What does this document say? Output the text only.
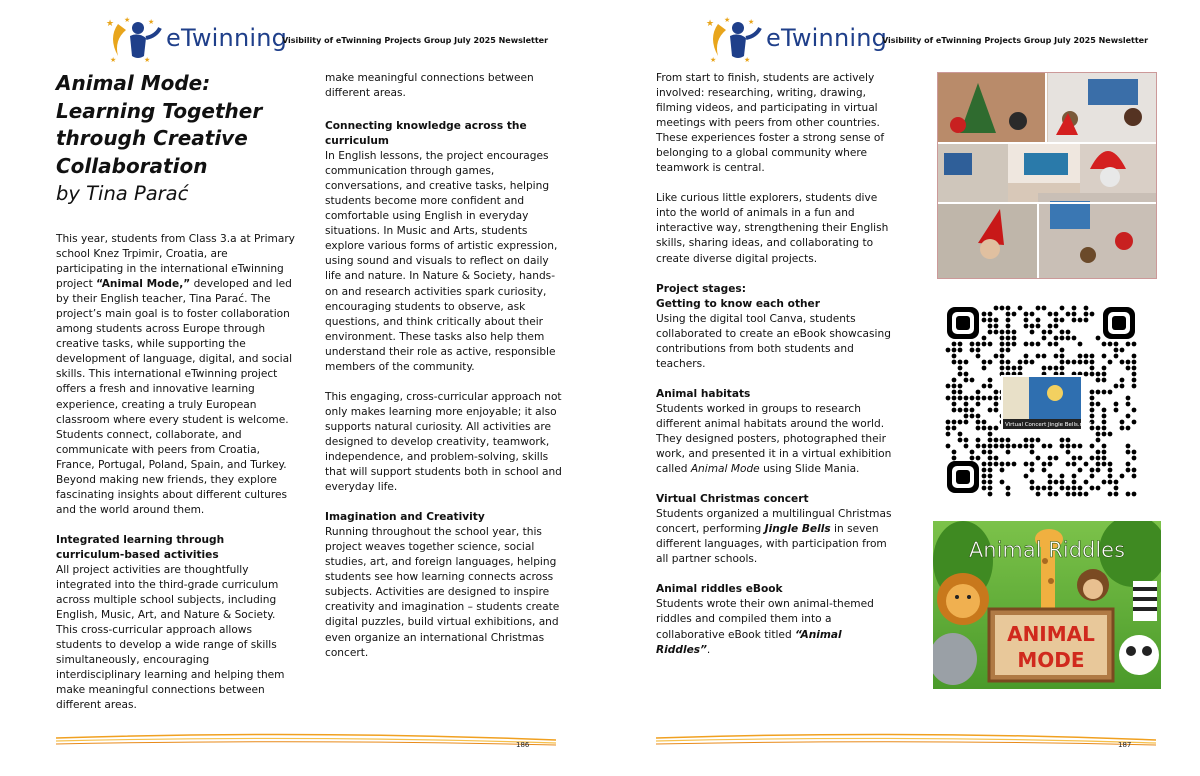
★ ★	★
★	★
eTwinning
Visibility of eTwinning Projects Group July 2025 Newsletter
Animal Mode:
Learning Together
through Creative
Collaboration
by Tina Parać

This year, students from Class 3.a at Primary school Knez Trpimir, Croatia, are participating in the international eTwinning project “Animal Mode,” developed and led by their English teacher, Tina Parać. The project’s main goal is to foster collaboration among students across Europe through creative tasks, while supporting the development of language, digital, and social skills. This international eTwinning project offers a fresh and innovative learning experience, creating a truly European classroom where every student is welcome. Students connect, collaborate, and communicate with peers from Croatia, France, Portugal, Poland, Spain, and Turkey. Beyond making new friends, they explore fascinating insights about different cultures and the world around them.

Integrated learning through curriculum-based activities
All project activities are thoughtfully integrated into the third-grade curriculum across multiple school subjects, including English, Music, Art, and Nature & Society. This cross-curricular approach allows students to develop a wide range of skills simultaneously, encouraging interdisciplinary learning and helping them make meaningful connections between different areas.

make meaningful connections between different areas.

Connecting knowledge across the curriculum
In English lessons, the project encourages communication through games, conversations, and creative tasks, helping students become more confident and comfortable using English in everyday situations. In Music and Arts, students explore various forms of artistic expression, using sound and visuals to reflect on daily life and nature. In Nature & Society, hands-on and research activities spark curiosity, encouraging students to observe, ask questions, and think critically about their environment. These tasks also help them understand their role as active, responsible members of the community.

This engaging, cross-curricular approach not only makes learning more enjoyable; it also supports natural curiosity. All activities are designed to develop creativity, teamwork, independence, and problem-solving, skills that will support students both in school and everyday life.

Imagination and Creativity
Running throughout the school year, this project weaves together science, social studies, art, and foreign languages, helping students see how learning connects across subjects. Activities are designed to inspire creativity and imagination – students create digital puzzles, build virtual exhibitions, and even organize an international Christmas concert.

186
★ ★	★
★	★
eTwinning
Visibility of eTwinning Projects Group July 2025 Newsletter

From start to finish, students are actively involved: researching, writing, drawing, filming videos, and participating in virtual meetings with peers from other countries. These experiences foster a strong sense of belonging to a global community where teamwork is central.

Like curious little explorers, students dive into the world of animals in a fun and interactive way, strengthening their English skills, sharing ideas, and collaborating to create diverse digital projects.

Project stages:
Getting to know each other
Using the digital tool Canva, students collaborated to create an eBook showcasing contributions from both students and teachers.

Animal habitats
Students worked in groups to research different animal habitats around the world. They designed posters, photographed their work, and presented it in a virtual exhibition called Animal Mode using Slide Mania.

Virtual Christmas concert
Students organized a multilingual Christmas concert, performing Jingle Bells in seven different languages, with participation from all partner schools.

Animal riddles eBook
Students wrote their own animal-themed riddles and compiled them into a collaborative eBook titled “Animal Riddles”.

Virtual Concert Jingle Bells.mp4
ANIMAL
MODE
Animal Riddles
187
